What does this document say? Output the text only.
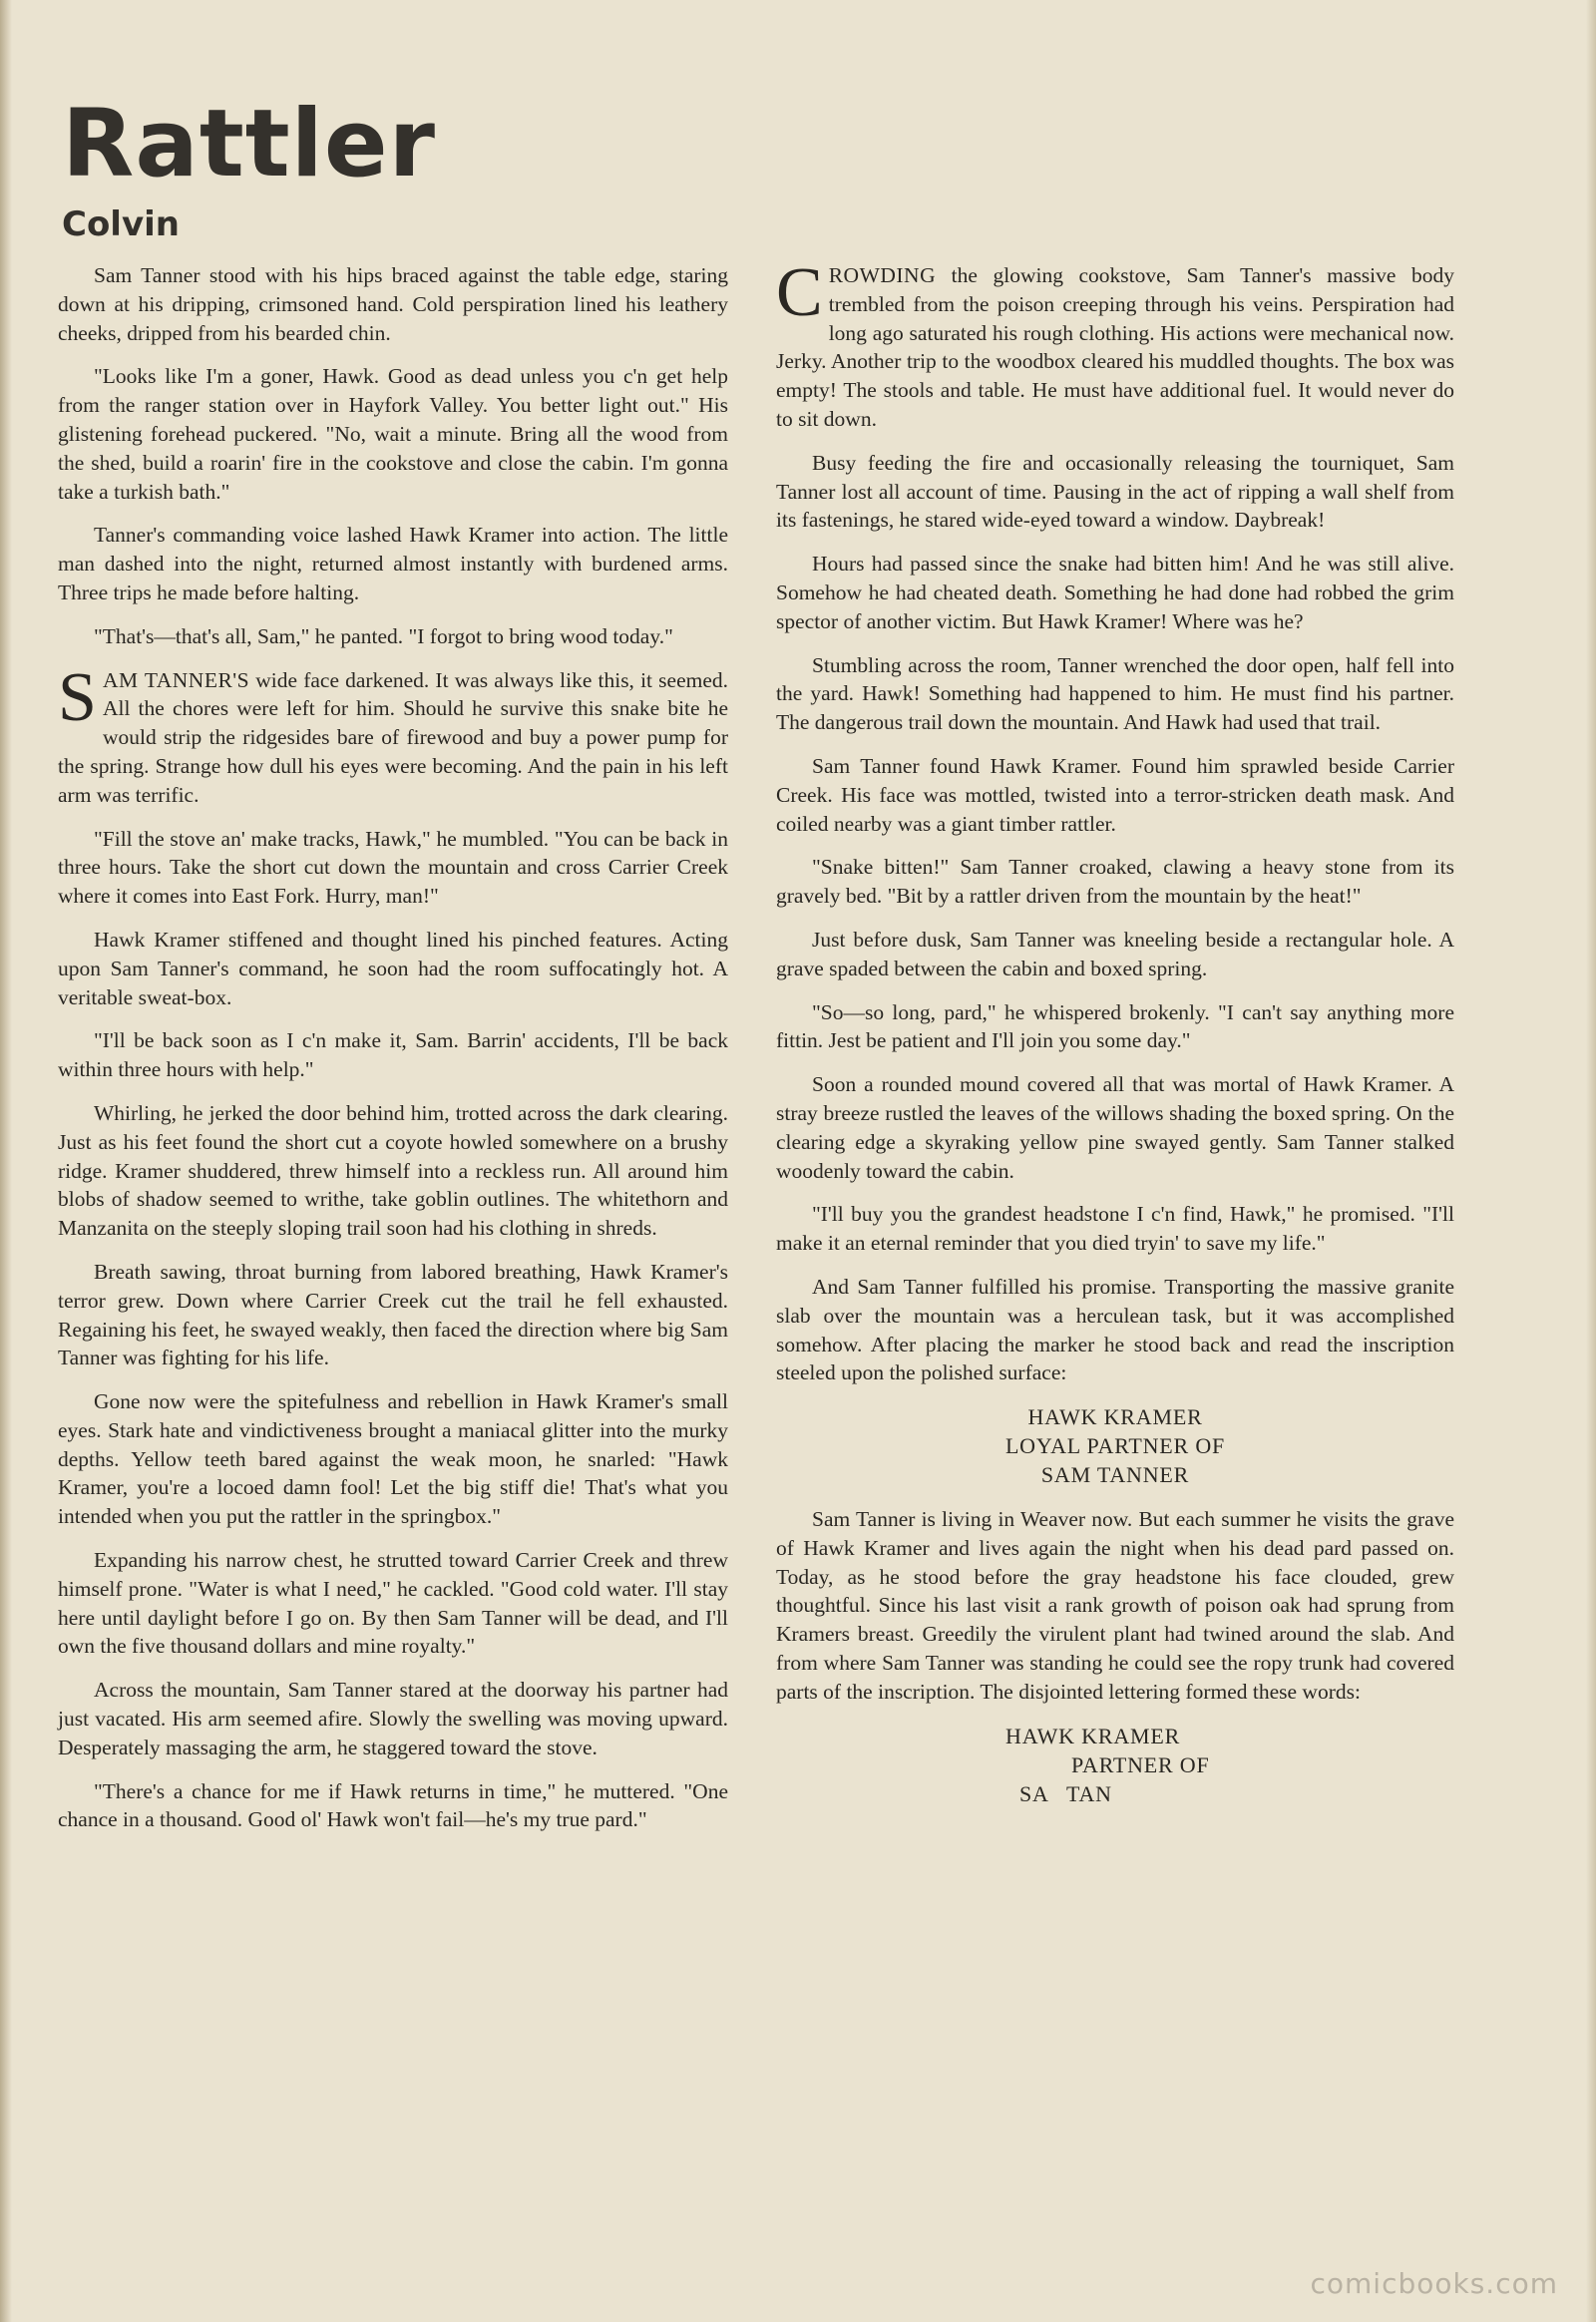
Rattler
Colvin

Sam Tanner stood with his hips braced against the table edge, staring down at his dripping, crimsoned hand. Cold perspiration lined his leathery cheeks, dripped from his bearded chin.

"Looks like I'm a goner, Hawk. Good as dead unless you c'n get help from the ranger station over in Hayfork Valley. You better light out." His glistening forehead puckered. "No, wait a minute. Bring all the wood from the shed, build a roarin' fire in the cookstove and close the cabin. I'm gonna take a turkish bath."

Tanner's commanding voice lashed Hawk Kramer into action. The little man dashed into the night, returned almost instantly with burdened arms. Three trips he made before halting.

"That's—that's all, Sam," he panted. "I forgot to bring wood today."

SAM TANNER'S wide face darkened. It was always like this, it seemed. All the chores were left for him. Should he survive this snake bite he would strip the ridgesides bare of firewood and buy a power pump for the spring. Strange how dull his eyes were becoming. And the pain in his left arm was terrific.

"Fill the stove an' make tracks, Hawk," he mumbled. "You can be back in three hours. Take the short cut down the mountain and cross Carrier Creek where it comes into East Fork. Hurry, man!"

Hawk Kramer stiffened and thought lined his pinched features. Acting upon Sam Tanner's command, he soon had the room suffocatingly hot. A veritable sweat-box.

"I'll be back soon as I c'n make it, Sam. Barrin' accidents, I'll be back within three hours with help."

Whirling, he jerked the door behind him, trotted across the dark clearing. Just as his feet found the short cut a coyote howled somewhere on a brushy ridge. Kramer shuddered, threw himself into a reckless run. All around him blobs of shadow seemed to writhe, take goblin outlines. The whitethorn and Manzanita on the steeply sloping trail soon had his clothing in shreds.

Breath sawing, throat burning from labored breathing, Hawk Kramer's terror grew. Down where Carrier Creek cut the trail he fell exhausted. Regaining his feet, he swayed weakly, then faced the direction where big Sam Tanner was fighting for his life.

Gone now were the spitefulness and rebellion in Hawk Kramer's small eyes. Stark hate and vindictiveness brought a maniacal glitter into the murky depths. Yellow teeth bared against the weak moon, he snarled: "Hawk Kramer, you're a locoed damn fool! Let the big stiff die! That's what you intended when you put the rattler in the springbox."

Expanding his narrow chest, he strutted toward Carrier Creek and threw himself prone. "Water is what I need," he cackled. "Good cold water. I'll stay here until daylight before I go on. By then Sam Tanner will be dead, and I'll own the five thousand dollars and mine royalty."

Across the mountain, Sam Tanner stared at the doorway his partner had just vacated. His arm seemed afire. Slowly the swelling was moving upward. Desperately massaging the arm, he staggered toward the stove.

"There's a chance for me if Hawk returns in time," he muttered. "One chance in a thousand. Good ol' Hawk won't fail—he's my true pard."

CROWDING the glowing cookstove, Sam Tanner's massive body trembled from the poison creeping through his veins. Perspiration had long ago saturated his rough clothing. His actions were mechanical now. Jerky. Another trip to the woodbox cleared his muddled thoughts. The box was empty! The stools and table. He must have additional fuel. It would never do to sit down.

Busy feeding the fire and occasionally releasing the tourniquet, Sam Tanner lost all account of time. Pausing in the act of ripping a wall shelf from its fastenings, he stared wide-eyed toward a window. Daybreak!

Hours had passed since the snake had bitten him! And he was still alive. Somehow he had cheated death. Something he had done had robbed the grim spector of another victim. But Hawk Kramer! Where was he?

Stumbling across the room, Tanner wrenched the door open, half fell into the yard. Hawk! Something had happened to him. He must find his partner. The dangerous trail down the mountain. And Hawk had used that trail.

Sam Tanner found Hawk Kramer. Found him sprawled beside Carrier Creek. His face was mottled, twisted into a terror-stricken death mask. And coiled nearby was a giant timber rattler.

"Snake bitten!" Sam Tanner croaked, clawing a heavy stone from its gravely bed. "Bit by a rattler driven from the mountain by the heat!"

Just before dusk, Sam Tanner was kneeling beside a rectangular hole. A grave spaded between the cabin and boxed spring.

"So—so long, pard," he whispered brokenly. "I can't say anything more fittin. Jest be patient and I'll join you some day."

Soon a rounded mound covered all that was mortal of Hawk Kramer. A stray breeze rustled the leaves of the willows shading the boxed spring. On the clearing edge a skyraking yellow pine swayed gently. Sam Tanner stalked woodenly toward the cabin.

"I'll buy you the grandest headstone I c'n find, Hawk," he promised. "I'll make it an eternal reminder that you died tryin' to save my life."

And Sam Tanner fulfilled his promise. Transporting the massive granite slab over the mountain was a herculean task, but it was accomplished somehow. After placing the marker he stood back and read the inscription steeled upon the polished surface:

HAWK KRAMER
LOYAL PARTNER OF
SAM TANNER

Sam Tanner is living in Weaver now. But each summer he visits the grave of Hawk Kramer and lives again the night when his dead pard passed on. Today, as he stood before the gray headstone his face clouded, grew thoughtful. Since his last visit a rank growth of poison oak had sprung from Kramers breast. Greedily the virulent plant had twined around the slab. And from where Sam Tanner was standing he could see the ropy trunk had covered parts of the inscription. The disjointed lettering formed these words:

HAWK KRAMER
PARTNER OF
SA   TAN
comicbooks.com
